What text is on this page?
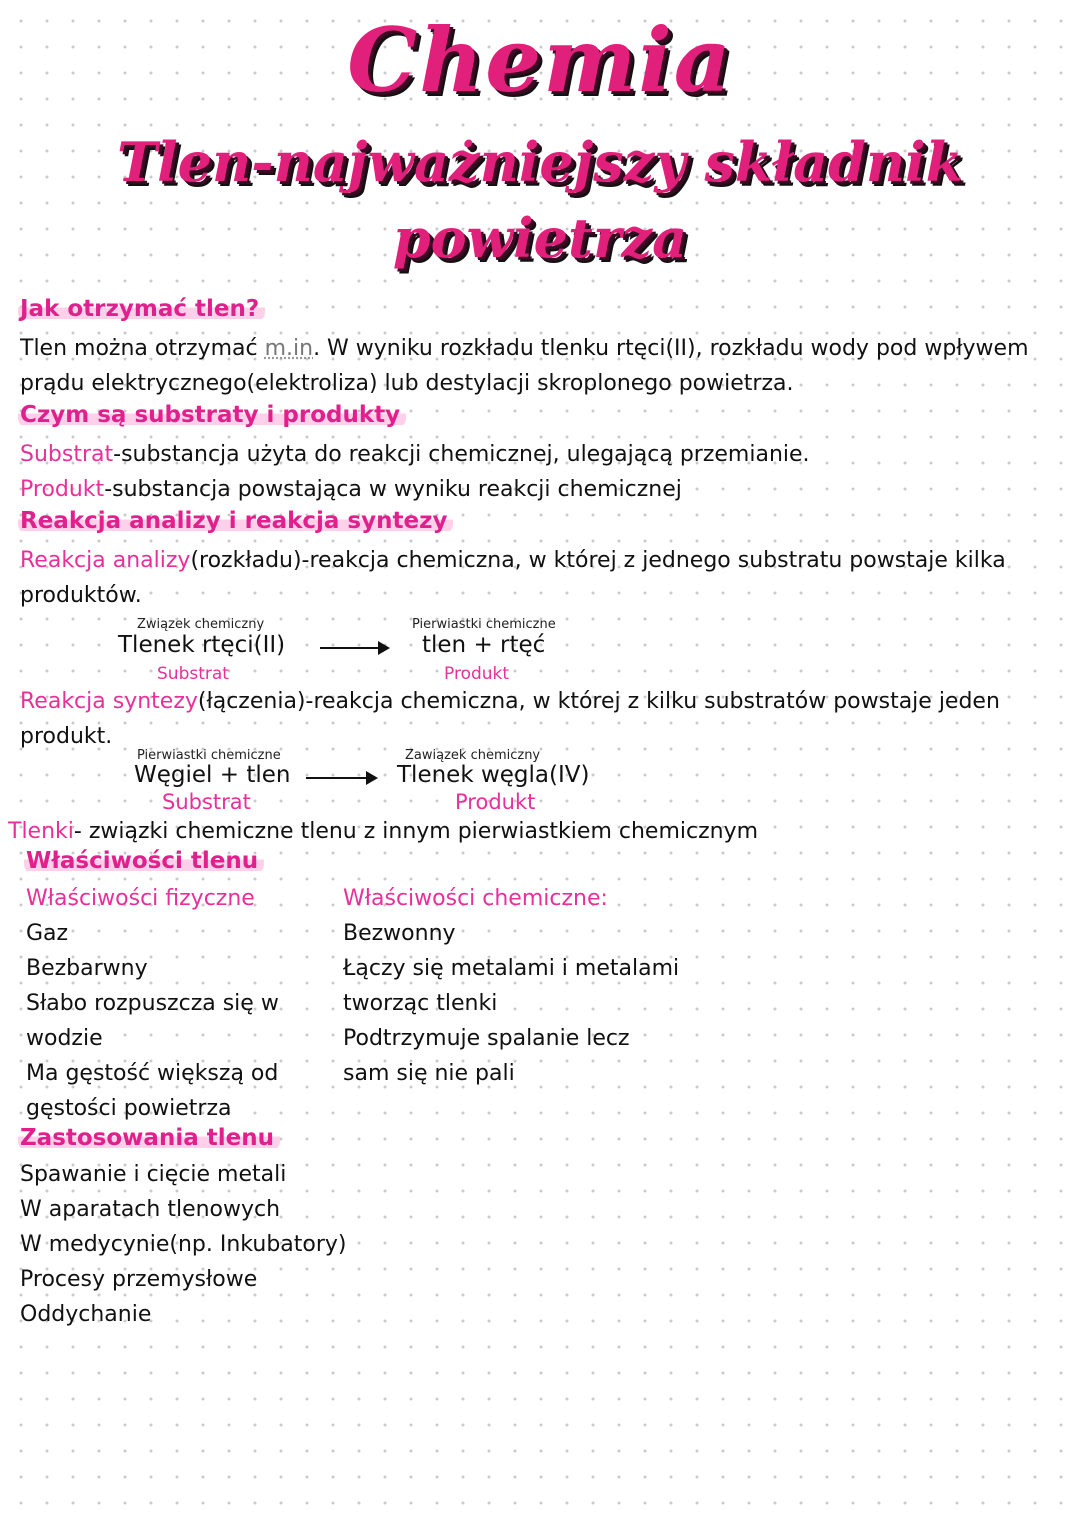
Chemia
Tlen-najważniejszy składnik
powietrza
Jak otrzymać tlen?
Tlen można otrzymać m.in. W wyniku rozkładu tlenku rtęci(II), rozkładu wody pod wpływem
prądu elektrycznego(elektroliza) lub destylacji skroplonego powietrza.
Czym są substraty i produkty
Substrat-substancja użyta do reakcji chemicznej, ulegającą przemianie.
Produkt-substancja powstająca w wyniku reakcji chemicznej
Reakcja analizy i reakcja syntezy
Reakcja analizy(rozkładu)-reakcja chemiczna, w której z jednego substratu powstaje kilka
produktów.
Związek chemiczny
Tlenek rtęci(II)
Substrat
Pierwiastki chemiczne
tlen + rtęć
Produkt
Reakcja syntezy(łączenia)-reakcja chemiczna, w której z kilku substratów powstaje jeden
produkt.
Pierwiastki chemiczne
Węgiel + tlen
Substrat
Zawiązek chemiczny
Tlenek węgla(IV)
Produkt
Tlenki- związki chemiczne tlenu z innym pierwiastkiem chemicznym
Właściwości tlenu
Właściwości fizyczne
Gaz
Bezbarwny
Słabo rozpuszcza się w
wodzie
Ma gęstość większą od
gęstości powietrza
Właściwości chemiczne:
Bezwonny
Łączy się metalami i metalami
tworząc tlenki
Podtrzymuje spalanie lecz
sam się nie pali
Zastosowania tlenu
Spawanie i cięcie metali
W aparatach tlenowych
W medycynie(np. Inkubatory)
Procesy przemysłowe
Oddychanie
